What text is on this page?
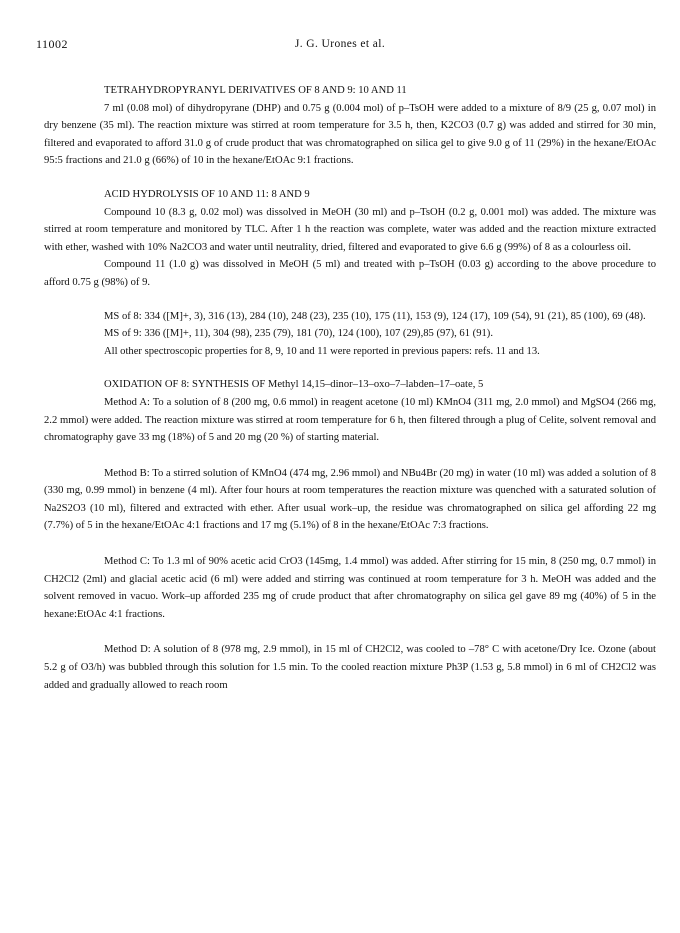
11002	J. G. Urones et al.

TETRAHYDROPYRANYL DERIVATIVES OF 8 AND 9: 10 AND 11

7 ml (0.08 mol) of dihydropyrane (DHP) and 0.75 g (0.004 mol) of p–TsOH were added to a mixture of 8/9 (25 g, 0.07 mol) in dry benzene (35 ml). The reaction mixture was stirred at room temperature for 3.5 h, then, K2CO3 (0.7 g) was added and stirred for 30 min, filtered and evaporated to afford 31.0 g of crude product that was chromatographed on silica gel to give 9.0 g of 11 (29%) in the hexane/EtOAc 95:5 fractions and 21.0 g (66%) of 10 in the hexane/EtOAc 9:1 fractions.

ACID HYDROLYSIS OF 10 AND 11: 8 AND 9

Compound 10 (8.3 g, 0.02 mol) was dissolved in MeOH (30 ml) and p–TsOH (0.2 g, 0.001 mol) was added. The mixture was stirred at room temperature and monitored by TLC. After 1 h the reaction was complete, water was added and the reaction mixture extracted with ether, washed with 10% Na2CO3 and water until neutrality, dried, filtered and evaporated to give 6.6 g (99%) of 8 as a colourless oil.

Compound 11 (1.0 g) was dissolved in MeOH (5 ml) and treated with p–TsOH (0.03 g) according to the above procedure to afford 0.75 g (98%) of 9.

MS of 8: 334 ([M]+, 3), 316 (13), 284 (10), 248 (23), 235 (10), 175 (11), 153 (9), 124 (17), 109 (54), 91 (21), 85 (100), 69 (48).

MS of 9: 336 ([M]+, 11), 304 (98), 235 (79), 181 (70), 124 (100), 107 (29),85 (97), 61 (91).

All other spectroscopic properties for 8, 9, 10 and 11 were reported in previous papers: refs. 11 and 13.

OXIDATION OF 8: SYNTHESIS OF Methyl 14,15–dinor–13–oxo–7–labden–17–oate, 5

Method A: To a solution of 8 (200 mg, 0.6 mmol) in reagent acetone (10 ml) KMnO4 (311 mg, 2.0 mmol) and MgSO4 (266 mg, 2.2 mmol) were added. The reaction mixture was stirred at room temperature for 6 h, then filtered through a plug of Celite, solvent removal and chromatography gave 33 mg (18%) of 5 and 20 mg (20 %) of starting material.

Method B: To a stirred solution of KMnO4 (474 mg, 2.96 mmol) and NBu4Br (20 mg) in water (10 ml) was added a solution of 8 (330 mg, 0.99 mmol) in benzene (4 ml). After four hours at room temperatures the reaction mixture was quenched with a saturated solution of Na2S2O3 (10 ml), filtered and extracted with ether. After usual work–up, the residue was chromatographed on silica gel affording 22 mg (7.7%) of 5 in the hexane/EtOAc 4:1 fractions and 17 mg (5.1%) of 8 in the hexane/EtOAc 7:3 fractions.

Method C: To 1.3 ml of 90% acetic acid CrO3 (145mg, 1.4 mmol) was added. After stirring for 15 min, 8 (250 mg, 0.7 mmol) in CH2Cl2 (2ml) and glacial acetic acid (6 ml) were added and stirring was continued at room temperature for 3 h. MeOH was added and the solvent removed in vacuo. Work–up afforded 235 mg of crude product that after chromatography on silica gel gave 89 mg (40%) of 5 in the hexane:EtOAc 4:1 fractions.

Method D: A solution of 8 (978 mg, 2.9 mmol), in 15 ml of CH2Cl2, was cooled to –78° C with acetone/Dry Ice. Ozone (about 5.2 g of O3/h) was bubbled through this solution for 1.5 min. To the cooled reaction mixture Ph3P (1.53 g, 5.8 mmol) in 6 ml of CH2Cl2 was added and gradually allowed to reach room
